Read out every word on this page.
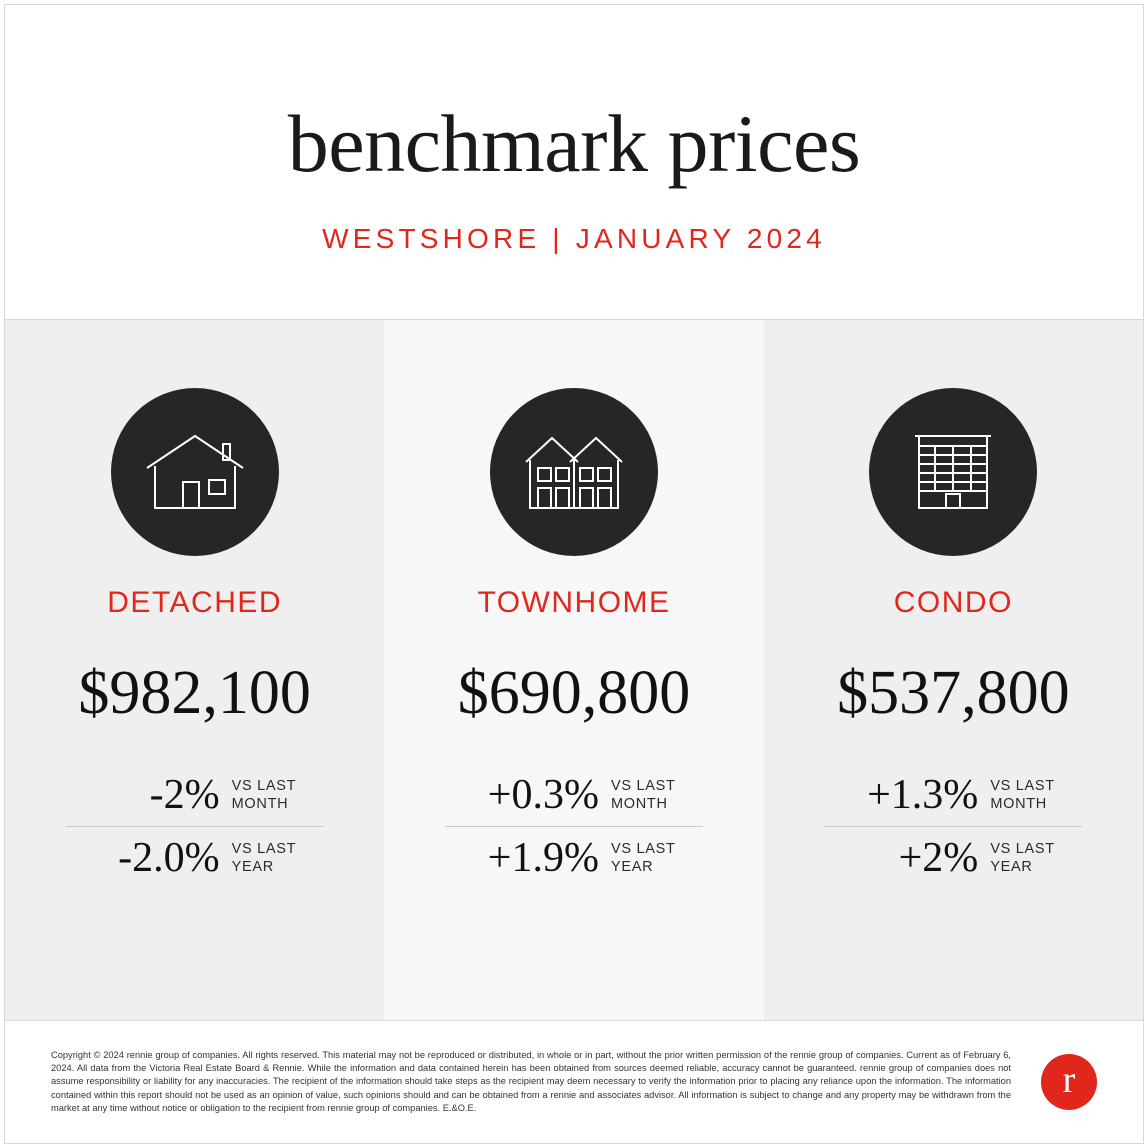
benchmark prices
WESTSHORE | JANUARY 2024
DETACHED
$982,100
-2% VS LAST MONTH
-2.0% VS LAST YEAR
TOWNHOME
$690,800
+0.3% VS LAST MONTH
+1.9% VS LAST YEAR
CONDO
$537,800
+1.3% VS LAST MONTH
+2% VS LAST YEAR
Copyright © 2024 rennie group of companies. All rights reserved. This material may not be reproduced or distributed, in whole or in part, without the prior written permission of the rennie group of companies. Current as of February 6, 2024. All data from the Victoria Real Estate Board & Rennie. While the information and data contained herein has been obtained from sources deemed reliable, accuracy cannot be guaranteed. rennie group of companies does not assume responsibility or liability for any inaccuracies. The recipient of the information should take steps as the recipient may deem necessary to verify the information prior to placing any reliance upon the information. The information contained within this report should not be used as an opinion of value, such opinions should and can be obtained from a rennie and associates advisor. All information is subject to change and any property may be withdrawn from the market at any time without notice or obligation to the recipient from rennie group of companies. E.&O.E.
r
